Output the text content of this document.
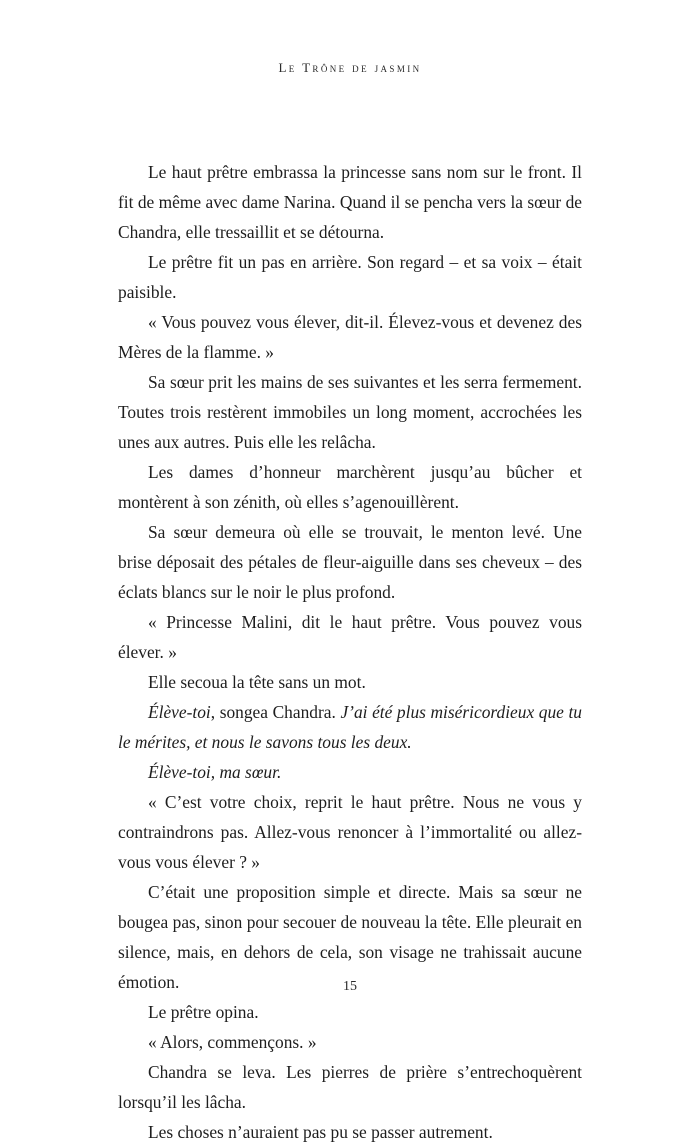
Le Trône de jasmin

Le haut prêtre embrassa la princesse sans nom sur le front. Il fit de même avec dame Narina. Quand il se pencha vers la sœur de Chandra, elle tressaillit et se détourna.

Le prêtre fit un pas en arrière. Son regard – et sa voix – était paisible.

« Vous pouvez vous élever, dit-il. Élevez-vous et devenez des Mères de la flamme. »

Sa sœur prit les mains de ses suivantes et les serra fermement. Toutes trois restèrent immobiles un long moment, accrochées les unes aux autres. Puis elle les relâcha.

Les dames d’honneur marchèrent jusqu’au bûcher et montèrent à son zénith, où elles s’agenouillèrent.

Sa sœur demeura où elle se trouvait, le menton levé. Une brise déposait des pétales de fleur-aiguille dans ses cheveux – des éclats blancs sur le noir le plus profond.

« Princesse Malini, dit le haut prêtre. Vous pouvez vous élever. »

Elle secoua la tête sans un mot.

Élève-toi, songea Chandra. J’ai été plus miséricordieux que tu le mérites, et nous le savons tous les deux.

Élève-toi, ma sœur.

« C’est votre choix, reprit le haut prêtre. Nous ne vous y contraindrons pas. Allez-vous renoncer à l’immortalité ou allez-vous vous élever ? »

C’était une proposition simple et directe. Mais sa sœur ne bougea pas, sinon pour secouer de nouveau la tête. Elle pleurait en silence, mais, en dehors de cela, son visage ne trahissait aucune émotion.

Le prêtre opina.

« Alors, commençons. »

Chandra se leva. Les pierres de prière s’entrechoquèrent lorsqu’il les lâcha.

Les choses n’auraient pas pu se passer autrement.

15
